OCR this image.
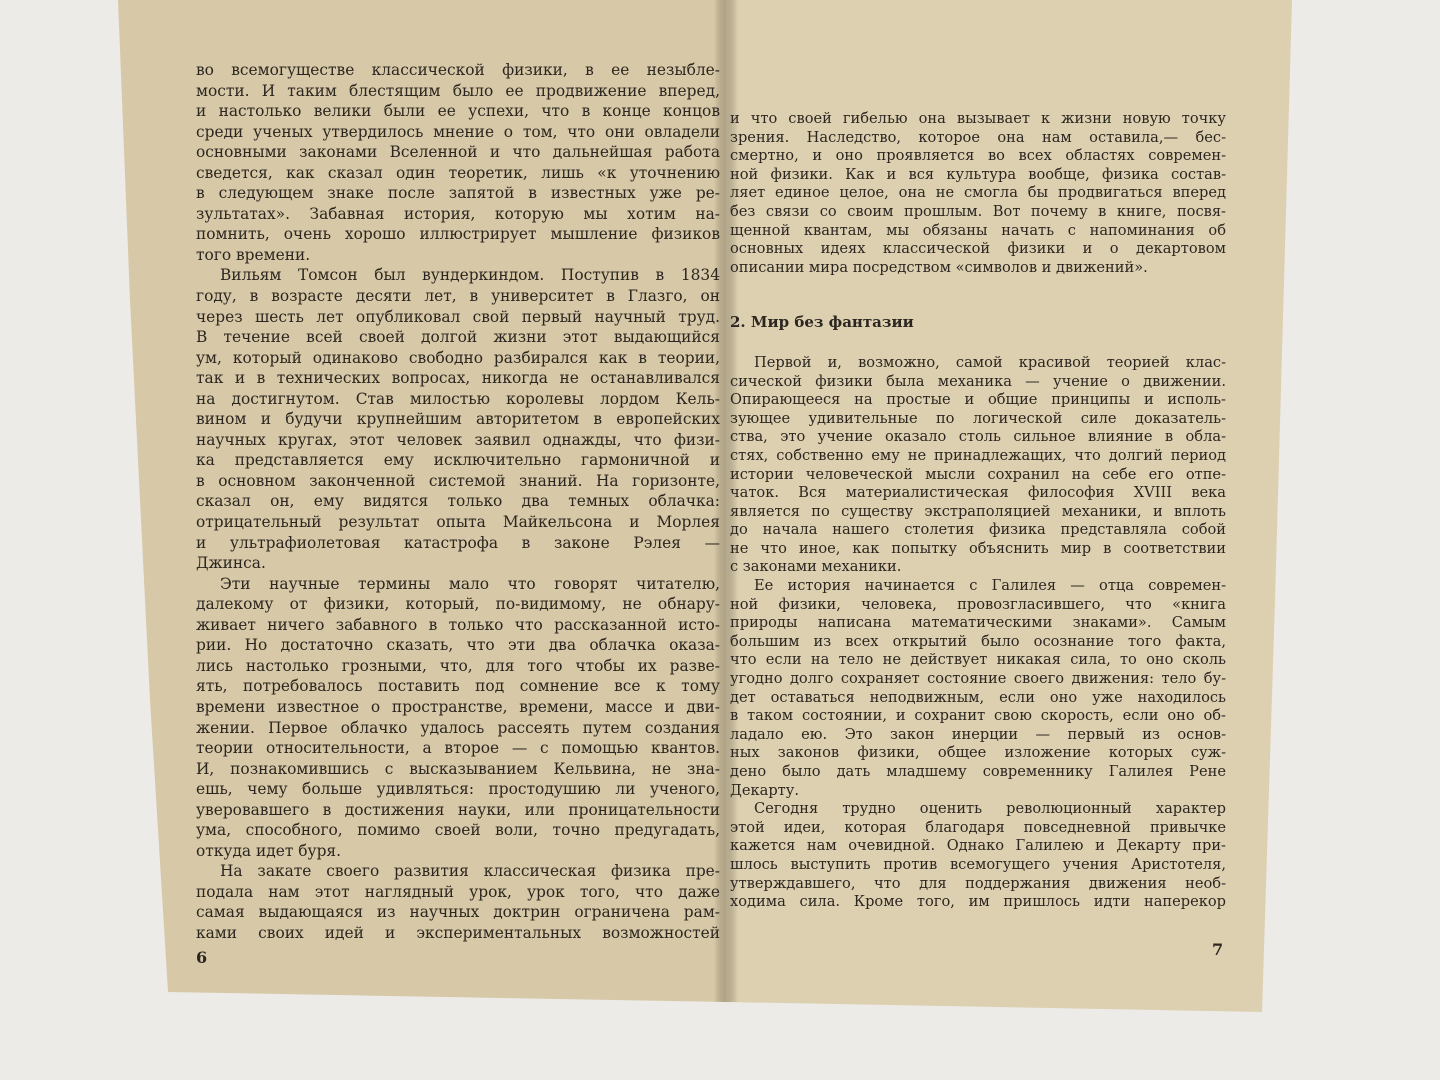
во всемогуществе классической физики, в ее незыбле-
мости. И таким блестящим было ее продвижение вперед,
и настолько велики были ее успехи, что в конце концов
среди ученых утвердилось мнение о том, что они овладели
основными законами Вселенной и что дальнейшая работа
сведется, как сказал один теоретик, лишь «к уточнению
в следующем знаке после запятой в известных уже ре-
зультатах». Забавная история, которую мы хотим на-
помнить, очень хорошо иллюстрирует мышление физиков
того времени.
Вильям Томсон был вундеркиндом. Поступив в 1834
году, в возрасте десяти лет, в университет в Глазго, он
через шесть лет опубликовал свой первый научный труд.
В течение всей своей долгой жизни этот выдающийся
ум, который одинаково свободно разбирался как в теории,
так и в технических вопросах, никогда не останавливался
на достигнутом. Став милостью королевы лордом Кель-
вином и будучи крупнейшим авторитетом в европейских
научных кругах, этот человек заявил однажды, что физи-
ка представляется ему исключительно гармоничной и
в основном законченной системой знаний. На горизонте,
сказал он, ему видятся только два темных облачка:
отрицательный результат опыта Майкельсона и Морлея
и ультрафиолетовая катастрофа в законе Рэлея —
Джинса.
Эти научные термины мало что говорят читателю,
далекому от физики, который, по-видимому, не обнару-
живает ничего забавного в только что рассказанной исто-
рии. Но достаточно сказать, что эти два облачка оказа-
лись настолько грозными, что, для того чтобы их разве-
ять, потребовалось поставить под сомнение все к тому
времени известное о пространстве, времени, массе и дви-
жении. Первое облачко удалось рассеять путем создания
теории относительности, а второе — с помощью квантов.
И, познакомившись с высказыванием Кельвина, не зна-
ешь, чему больше удивляться: простодушию ли ученого,
уверовавшего в достижения науки, или проницательности
ума, способного, помимо своей воли, точно предугадать,
откуда идет буря.
На закате своего развития классическая физика пре-
подала нам этот наглядный урок, урок того, что даже
самая выдающаяся из научных доктрин ограничена рам-
ками своих идей и экспериментальных возможностей
и что своей гибелью она вызывает к жизни новую точку
зрения. Наследство, которое она нам оставила,— бес-
смертно, и оно проявляется во всех областях современ-
ной физики. Как и вся культура вообще, физика состав-
ляет единое целое, она не смогла бы продвигаться вперед
без связи со своим прошлым. Вот почему в книге, посвя-
щенной квантам, мы обязаны начать с напоминания об
основных идеях классической физики и о декартовом
описании мира посредством «символов и движений».
2. Мир без фантазии
Первой и, возможно, самой красивой теорией клас-
сической физики была механика — учение о движении.
Опирающееся на простые и общие принципы и исполь-
зующее удивительные по логической силе доказатель-
ства, это учение оказало столь сильное влияние в обла-
стях, собственно ему не принадлежащих, что долгий период
истории человеческой мысли сохранил на себе его отпе-
чаток. Вся материалистическая философия XVIII века
является по существу экстраполяцией механики, и вплоть
до начала нашего столетия физика представляла собой
не что иное, как попытку объяснить мир в соответствии
с законами механики.
Ее история начинается с Галилея — отца современ-
ной физики, человека, провозгласившего, что «книга
природы написана математическими знаками». Самым
большим из всех открытий было осознание того факта,
что если на тело не действует никакая сила, то оно сколь
угодно долго сохраняет состояние своего движения: тело бу-
дет оставаться неподвижным, если оно уже находилось
в таком состоянии, и сохранит свою скорость, если оно об-
ладало ею. Это закон инерции — первый из основ-
ных законов физики, общее изложение которых суж-
дено было дать младшему современнику Галилея Рене
Декарту.
Сегодня трудно оценить революционный характер
этой идеи, которая благодаря повседневной привычке
кажется нам очевидной. Однако Галилею и Декарту при-
шлось выступить против всемогущего учения Аристотеля,
утверждавшего, что для поддержания движения необ-
ходима сила. Кроме того, им пришлось идти наперекор
6	7
